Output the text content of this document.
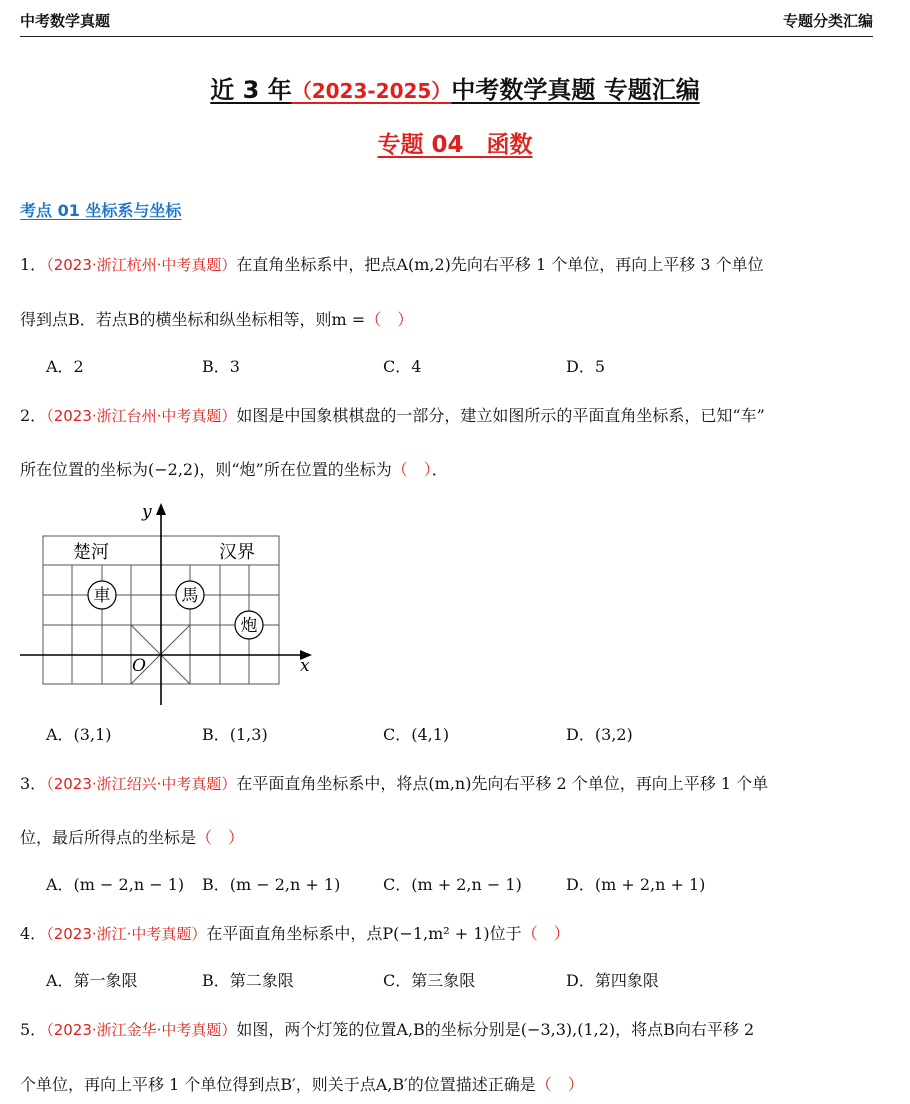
中考数学真题	专题分类汇编
近 3 年（2023-2025）中考数学真题 专题汇编
专题 04　函数
考点 01 坐标系与坐标
1．（2023·浙江杭州·中考真题）在直角坐标系中，把点A(m,2)先向右平移 1 个单位，再向上平移 3 个单位
得到点B．若点B的横坐标和纵坐标相等，则m =（　）
A．2	B．3	C．4	D．5
2．（2023·浙江台州·中考真题）如图是中国象棋棋盘的一部分，建立如图所示的平面直角坐标系，已知“车”
所在位置的坐标为(−2,2)，则“炮”所在位置的坐标为（　）．
y
x
O
楚河	汉界
車	馬
炮
A．(3,1)	B．(1,3)	C．(4,1)	D．(3,2)
3．（2023·浙江绍兴·中考真题）在平面直角坐标系中，将点(m,n)先向右平移 2 个单位，再向上平移 1 个单
位，最后所得点的坐标是（　）
A．(m − 2,n − 1) B．(m − 2,n + 1)	C．(m + 2,n − 1)	D．(m + 2,n + 1)
4．（2023·浙江·中考真题）在平面直角坐标系中，点P(−1,m² + 1)位于（　）
A．第一象限	B．第二象限	C．第三象限	D．第四象限
5．（2023·浙江金华·中考真题）如图，两个灯笼的位置A,B的坐标分别是(−3,3),(1,2)，将点B向右平移 2
个单位，再向上平移 1 个单位得到点B′，则关于点A,B′的位置描述正确是（　）
